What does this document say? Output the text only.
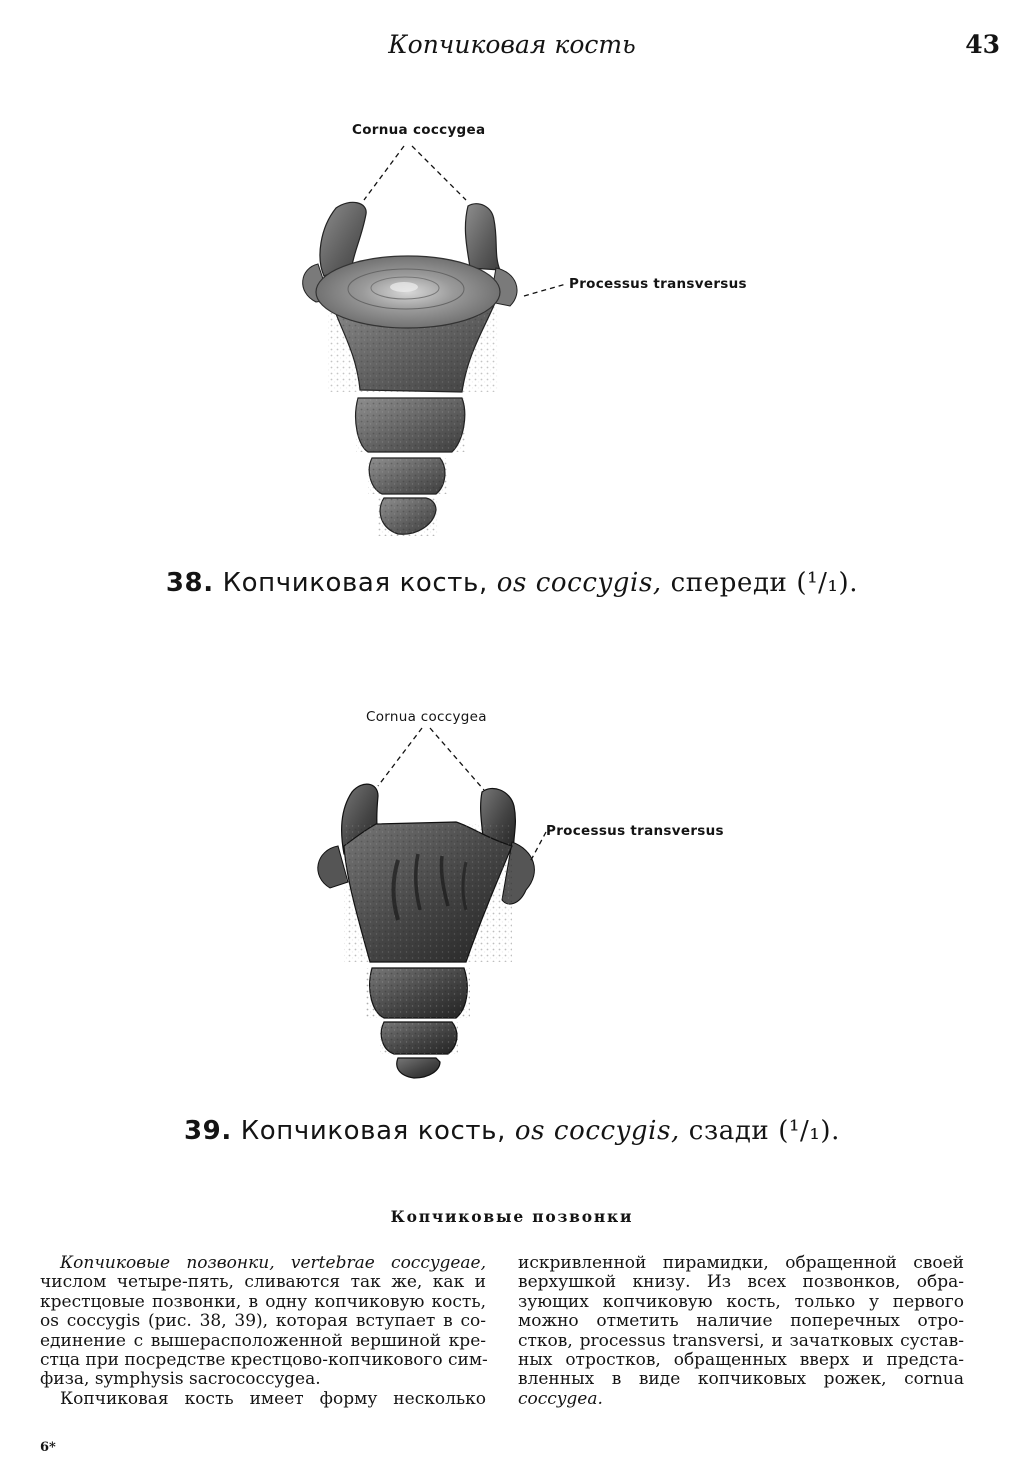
Копчиковая кость	43
Cornua coccygea
Processus transversus
38. Копчиковая кость, os coccygis, спереди (¹/₁).
Cornua coccygea
Processus transversus
39. Копчиковая кость, os coccygis, сзади (¹/₁).
Копчиковые позвонки
Копчиковые позвонки, vertebrae coccygeae,
числом четыре-пять, сливаются так же, как и
крестцовые позвонки, в одну копчиковую кость,
os coccygis (рис. 38, 39), которая вступает в со-
единение с вышерасположенной вершиной кре-
стца при посредстве крестцово-копчикового сим-
физа, symphysis sacrococcygea.
Копчиковая кость имеет форму несколько
искривленной пирамидки, обращенной своей
верхушкой книзу. Из всех позвонков, обра-
зующих копчиковую кость, только у первого
можно отметить наличие поперечных отро-
стков, processus transversi, и зачатковых сустав-
ных отростков, обращенных вверх и предста-
вленных в виде копчиковых рожек, cornua
coccygea.
6*
